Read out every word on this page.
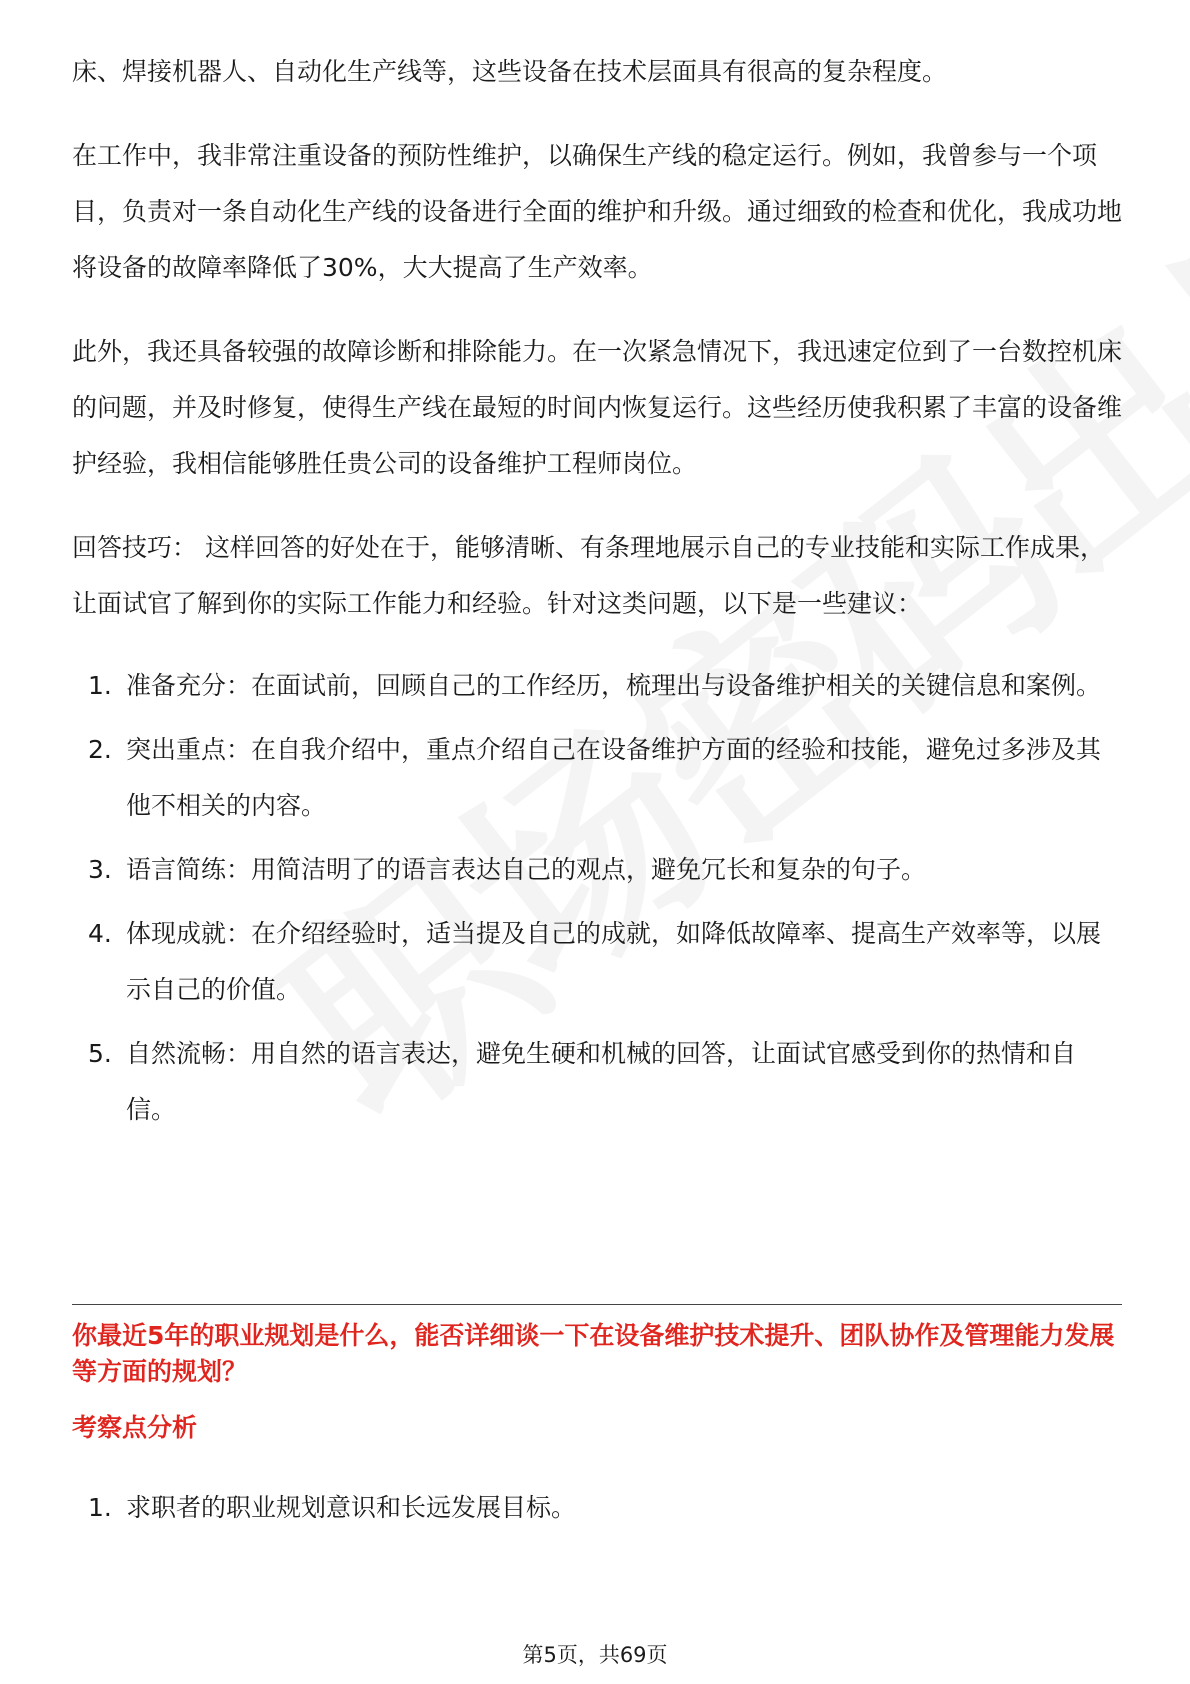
床、焊接机器人、自动化生产线等，这些设备在技术层面具有很高的复杂程度。

在工作中，我非常注重设备的预防性维护，以确保生产线的稳定运行。例如，我曾参与一个项目，负责对一条自动化生产线的设备进行全面的维护和升级。通过细致的检查和优化，我成功地将设备的故障率降低了30%，大大提高了生产效率。

此外，我还具备较强的故障诊断和排除能力。在一次紧急情况下，我迅速定位到了一台数控机床的问题，并及时修复，使得生产线在最短的时间内恢复运行。这些经历使我积累了丰富的设备维护经验，我相信能够胜任贵公司的设备维护工程师岗位。

回答技巧： 这样回答的好处在于，能够清晰、有条理地展示自己的专业技能和实际工作成果，让面试官了解到你的实际工作能力和经验。针对这类问题，以下是一些建议：

1. 准备充分：在面试前，回顾自己的工作经历，梳理出与设备维护相关的关键信息和案例。
2. 突出重点：在自我介绍中，重点介绍自己在设备维护方面的经验和技能，避免过多涉及其他不相关的内容。
3. 语言简练：用简洁明了的语言表达自己的观点，避免冗长和复杂的句子。
4. 体现成就：在介绍经验时，适当提及自己的成就，如降低故障率、提高生产效率等，以展示自己的价值。
5. 自然流畅：用自然的语言表达，避免生硬和机械的回答，让面试官感受到你的热情和自信。

你最近5年的职业规划是什么，能否详细谈一下在设备维护技术提升、团队协作及管理能力发展等方面的规划？

考察点分析

1. 求职者的职业规划意识和长远发展目标。
第5页，共69页
